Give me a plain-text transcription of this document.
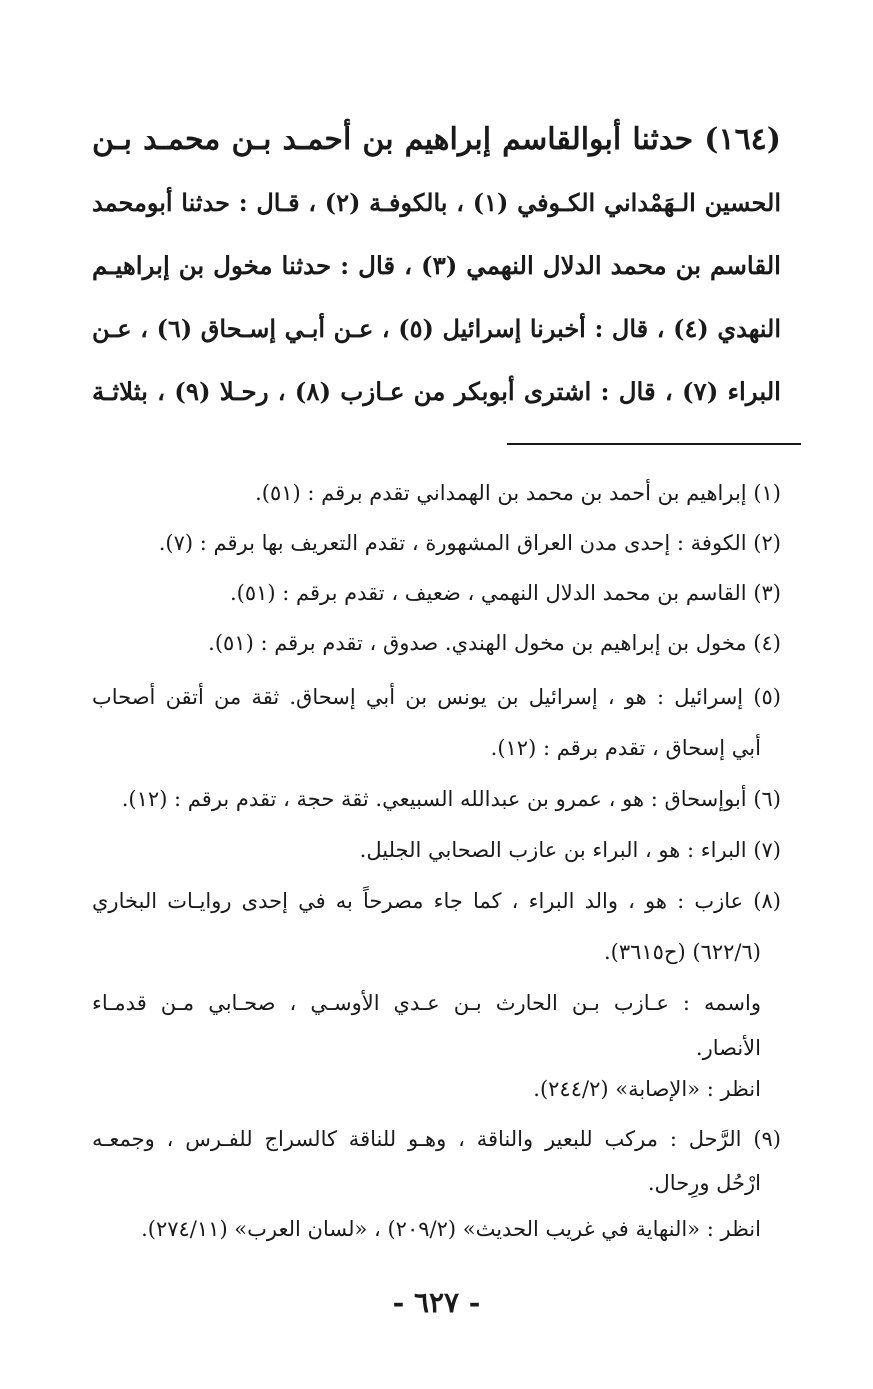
(١٦٤) حدثنا أبوالقاسم إبراهيم بن أحمـد بـن محمـد بـن
الحسين الـهَمْداني الكـوفي (١) ، بالكوفـة (٢) ، قـال : حدثنا أبومحمد
القاسم بن محمد الدلال النهمي (٣) ، قال : حدثنا مخول بن إبراهيـم
النهدي (٤) ، قال : أخبرنا إسرائيل (٥) ، عـن أبـي إسـحاق (٦) ، عـن
البراء (٧) ، قال : اشترى أبوبكر من عـازب (٨) ، رحـلا (٩) ، بثلاثـة
(١) إبراهيم بن أحمد بن محمد بن الهمداني تقدم برقم : (٥١).
(٢) الكوفة : إحدى مدن العراق المشهورة ، تقدم التعريف بها برقم : (٧).
(٣) القاسم بن محمد الدلال النهمي ، ضعيف ، تقدم برقم : (٥١).
(٤) مخول بن إبراهيم بن مخول الهندي. صدوق ، تقدم برقم : (٥١).
(٥) إسرائيل : هو ، إسرائيل بن يونس بن أبي إسحاق. ثقة من أتقن أصحاب
أبي إسحاق ، تقدم برقم : (١٢).
(٦) أبوإسحاق : هو ، عمرو بن عبدالله السبيعي. ثقة حجة ، تقدم برقم : (١٢).
(٧) البراء : هو ، البراء بن عازب الصحابي الجليل.
(٨) عازب : هو ، والد البراء ، كما جاء مصرحاً به في إحدى روايـات البخاري
(٦٢٢/٦) (ح٣٦١٥).
واسمه : عـازب بـن الحارث بـن عـدي الأوسـي ، صحـابي مـن قدمـاء
الأنصار.
انظر : «الإصابة» (٢٤٤/٢).
(٩) الرَّحل : مركب للبعير والناقة ، وهـو للناقة كالسراج للفـرس ، وجمعـه
ارْحُل ورِحال.
انظر : «النهاية في غريب الحديث» (٢٠٩/٢) ، «لسان العرب» (٢٧٤/١١).
- ٦٢٧ -
